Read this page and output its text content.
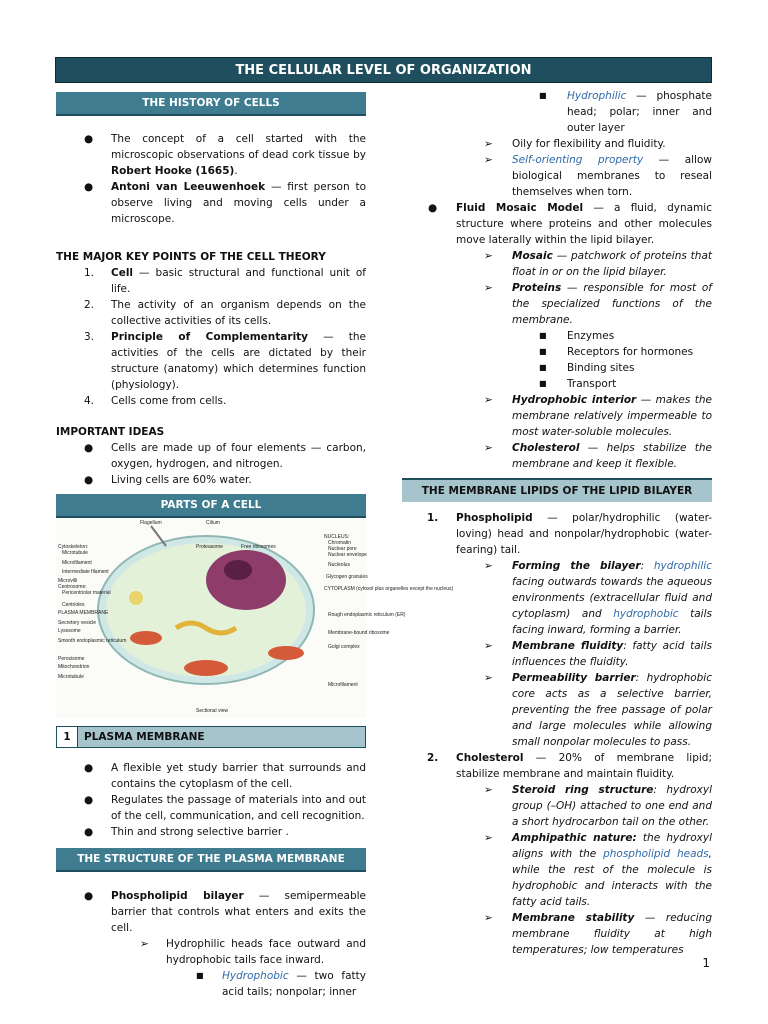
THE CELLULAR LEVEL OF ORGANIZATION
THE HISTORY OF CELLS
●	The concept of a cell started with the microscopic observations of dead cork tissue by Robert Hooke (1665).
●	Antoni van Leeuwenhoek — first person to observe living and moving cells under a microscope.
THE MAJOR KEY POINTS OF THE CELL THEORY
1.	Cell — basic structural and functional unit of life.
2.	The activity of an organism depends on the collective activities of its cells.
3.	Principle of Complementarity — the activities of the cells are dictated by their structure (anatomy) which determines function (physiology).
4.	Cells come from cells.
IMPORTANT IDEAS
●	Cells are made up of four elements — carbon, oxygen, hydrogen, and nitrogen.
●	Living cells are 60% water.
PARTS OF A CELL
Flagellum	Cilium
Proteasome	Free ribosomes
NUCLEUS:
Chromatin
Nuclear pore
Nuclear envelope
Nucleolus
Glycogen granules
CYTOPLASM (cytosol plus organelles except the nucleus)
Rough endoplasmic reticulum (ER)
Membrane-bound ribosome
Golgi complex
Microfilament
Cytoskeleton:
Microtubule
Microfilament
Intermediate filament
Microvilli
Centrosome:
Pericentriolar material
Centrioles
PLASMA MEMBRANE
Secretory vesicle
Lysosome
Smooth endoplasmic reticulum
Peroxisome
Mitochondrion
Microtubule
Sectional view
1	PLASMA MEMBRANE
●	A flexible yet study barrier that surrounds and contains the cytoplasm of the cell.
●	Regulates the passage of materials into and out of the cell, communication, and cell recognition.
●	Thin and strong selective barrier .
THE STRUCTURE OF THE PLASMA MEMBRANE
●	Phospholipid bilayer — semipermeable barrier that controls what enters and exits the cell.
➢	Hydrophilic heads face outward and hydrophobic tails face inward.
■	Hydrophobic — two fatty acid tails; nonpolar; inner
■	Hydrophilic — phosphate head; polar; inner and outer layer
➢	Oily for flexibility and fluidity.
➢	Self-orienting property — allow biological membranes to reseal themselves when torn.
●	Fluid Mosaic Model — a fluid, dynamic structure where proteins and other molecules move laterally within the lipid bilayer.
➢	Mosaic — patchwork of proteins that float in or on the lipid bilayer.
➢	Proteins — responsible for most of the specialized functions of the membrane.
■	Enzymes
■	Receptors for hormones
■	Binding sites
■	Transport
➢	Hydrophobic interior — makes the membrane relatively impermeable to most water-soluble molecules.
➢	Cholesterol — helps stabilize the membrane and keep it flexible.
THE MEMBRANE LIPIDS OF THE LIPID BILAYER
1.	Phospholipid — polar/hydrophilic (water-loving) head and nonpolar/hydrophobic (water-fearing) tail.
➢	Forming the bilayer: hydrophilic facing outwards towards the aqueous environments (extracellular fluid and cytoplasm) and hydrophobic tails facing inward, forming a barrier.
➢	Membrane fluidity: fatty acid tails influences the fluidity.
➢	Permeability barrier: hydrophobic core acts as a selective barrier, preventing the free passage of polar and large molecules while allowing small nonpolar molecules to pass.
2.	Cholesterol — 20% of membrane lipid; stabilize membrane and maintain fluidity.
➢	Steroid ring structure: hydroxyl group (–OH) attached to one end and a short hydrocarbon tail on the other.
➢	Amphipathic nature: the hydroxyl aligns with the phospholipid heads, while the rest of the molecule is hydrophobic and interacts with the fatty acid tails.
➢	Membrane stability — reducing membrane fluidity at high temperatures; low temperatures
1
